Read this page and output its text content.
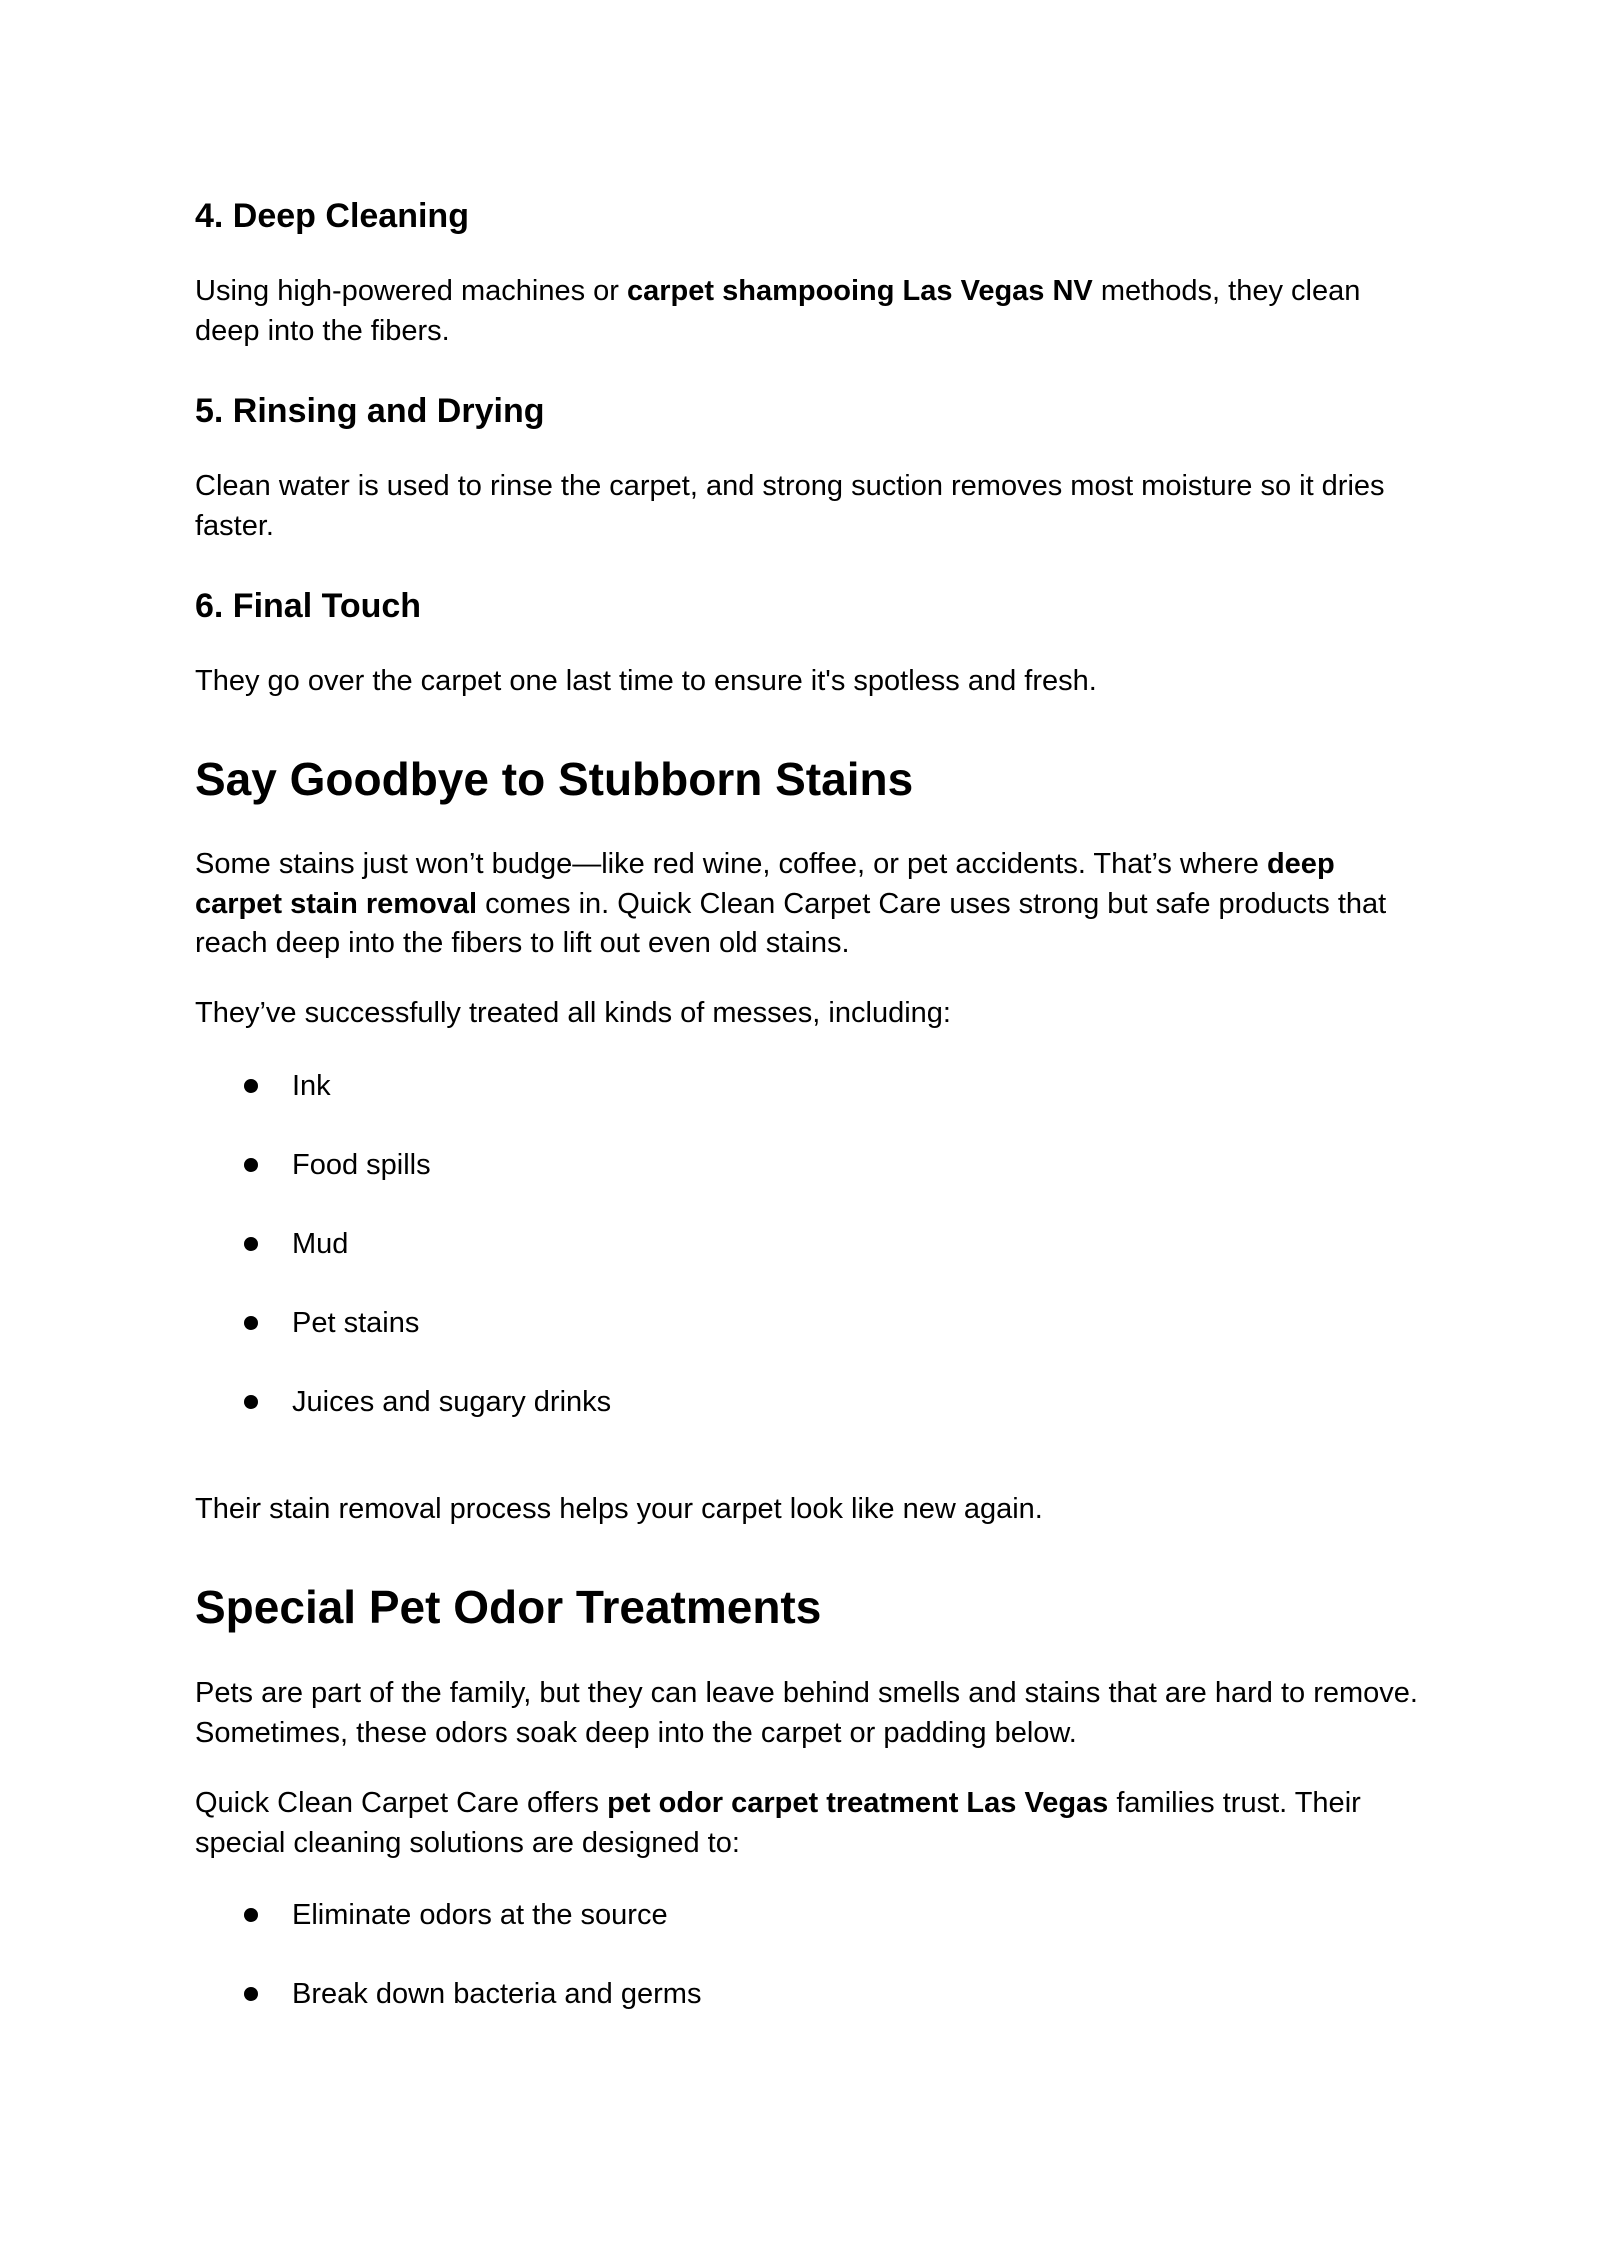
4. Deep Cleaning

Using high-powered machines or carpet shampooing Las Vegas NV methods, they clean deep into the fibers.

5. Rinsing and Drying

Clean water is used to rinse the carpet, and strong suction removes most moisture so it dries faster.

6. Final Touch

They go over the carpet one last time to ensure it's spotless and fresh.

Say Goodbye to Stubborn Stains

Some stains just won’t budge—like red wine, coffee, or pet accidents. That’s where deep carpet stain removal comes in. Quick Clean Carpet Care uses strong but safe products that reach deep into the fibers to lift out even old stains.

They’ve successfully treated all kinds of messes, including:

Ink
Food spills
Mud
Pet stains
Juices and sugary drinks

Their stain removal process helps your carpet look like new again.

Special Pet Odor Treatments

Pets are part of the family, but they can leave behind smells and stains that are hard to remove. Sometimes, these odors soak deep into the carpet or padding below.

Quick Clean Carpet Care offers pet odor carpet treatment Las Vegas families trust. Their special cleaning solutions are designed to:

Eliminate odors at the source
Break down bacteria and germs
